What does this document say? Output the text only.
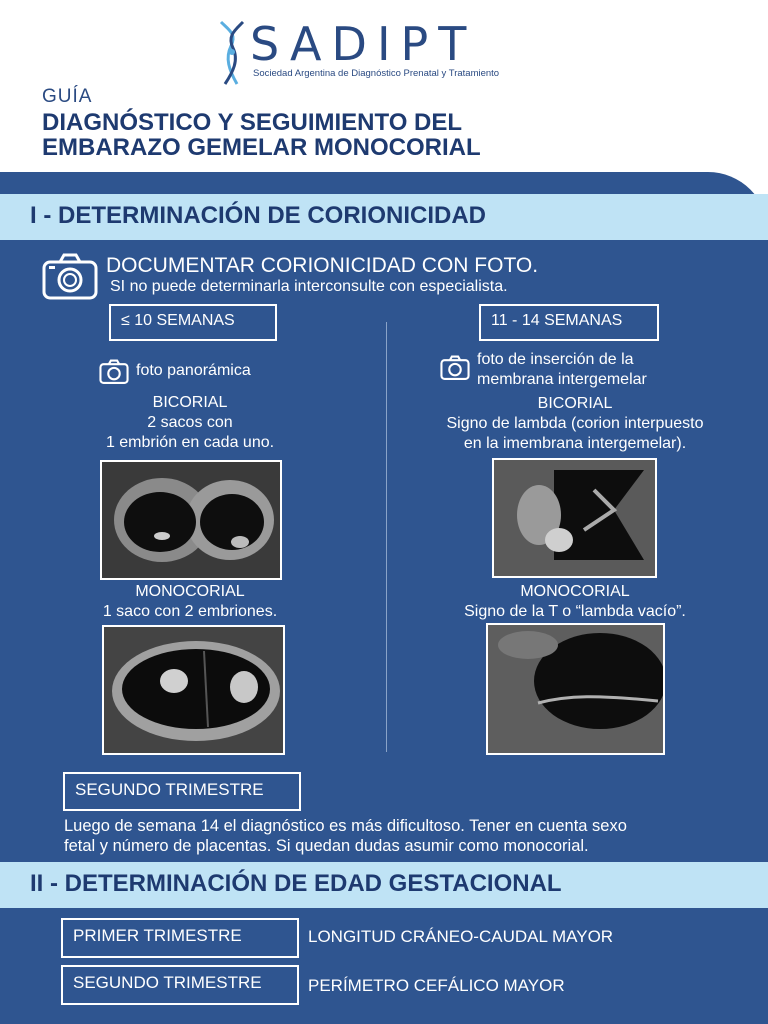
SADIPT
Sociedad Argentina de Diagnóstico Prenatal y Tratamiento
GUÍA
DIAGNÓSTICO Y SEGUIMIENTO DEL
EMBARAZO GEMELAR MONOCORIAL
I - DETERMINACIÓN DE CORIONICIDAD
DOCUMENTAR CORIONICIDAD CON FOTO.
SI no puede determinarla interconsulte con especialista.
≤ 10 SEMANAS	11 - 14 SEMANAS
foto panorámica
BICORIAL
2 sacos con
1 embrión en cada uno.
MONOCORIAL
1 saco con 2 embriones.
foto de inserción de la
membrana intergemelar
BICORIAL
Signo de lambda (corion interpuesto
en la imembrana intergemelar).
MONOCORIAL
Signo de la T o “lambda vacío”.
SEGUNDO TRIMESTRE
Luego de semana 14 el diagnóstico es más dificultoso. Tener en cuenta sexo
fetal y número de placentas. Si quedan dudas asumir como monocorial.
II - DETERMINACIÓN DE EDAD GESTACIONAL
PRIMER TRIMESTRE	LONGITUD CRÁNEO-CAUDAL MAYOR
SEGUNDO TRIMESTRE	PERÍMETRO CEFÁLICO MAYOR
